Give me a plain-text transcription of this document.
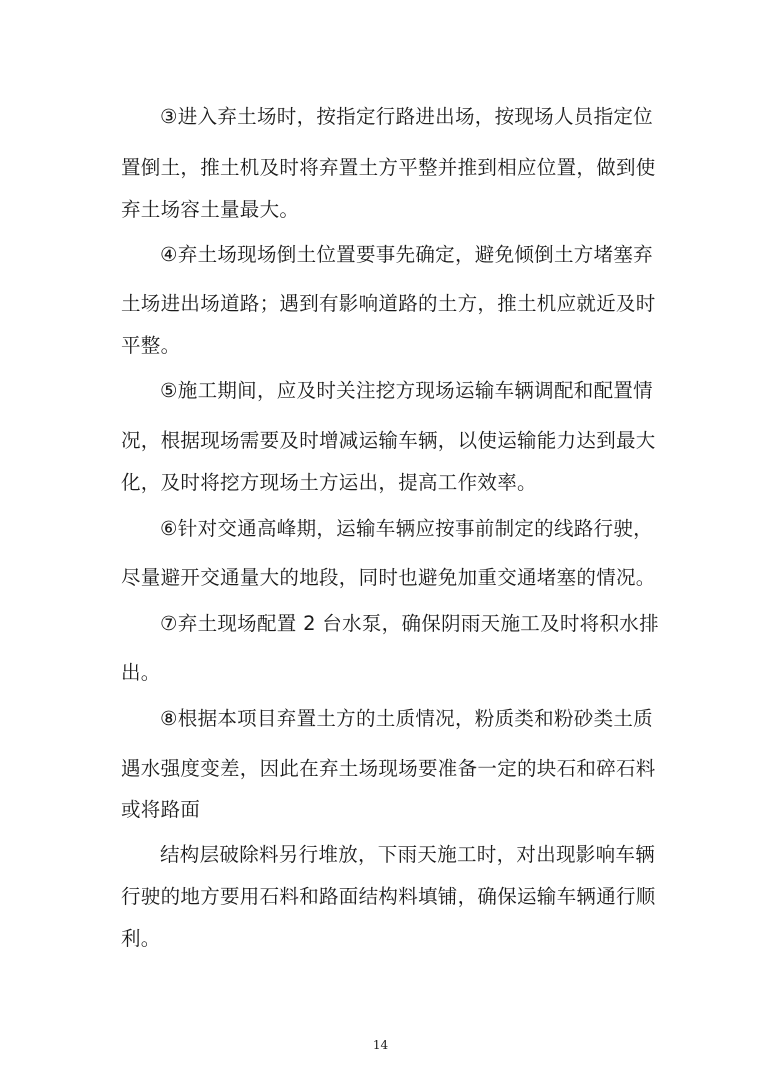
③进入弃土场时，按指定行路进出场，按现场人员指定位
置倒土，推土机及时将弃置土方平整并推到相应位置，做到使
弃土场容土量最大。
④弃土场现场倒土位置要事先确定，避免倾倒土方堵塞弃
土场进出场道路；遇到有影响道路的土方，推土机应就近及时
平整。
⑤施工期间，应及时关注挖方现场运输车辆调配和配置情
况，根据现场需要及时增减运输车辆，以使运输能力达到最大
化，及时将挖方现场土方运出，提高工作效率。
⑥针对交通高峰期，运输车辆应按事前制定的线路行驶，
尽量避开交通量大的地段，同时也避免加重交通堵塞的情况。
⑦弃土现场配置 2 台水泵，确保阴雨天施工及时将积水排
出。
⑧根据本项目弃置土方的土质情况，粉质类和粉砂类土质
遇水强度变差，因此在弃土场现场要准备一定的块石和碎石料
或将路面
结构层破除料另行堆放，下雨天施工时，对出现影响车辆
行驶的地方要用石料和路面结构料填铺，确保运输车辆通行顺
利。
14
